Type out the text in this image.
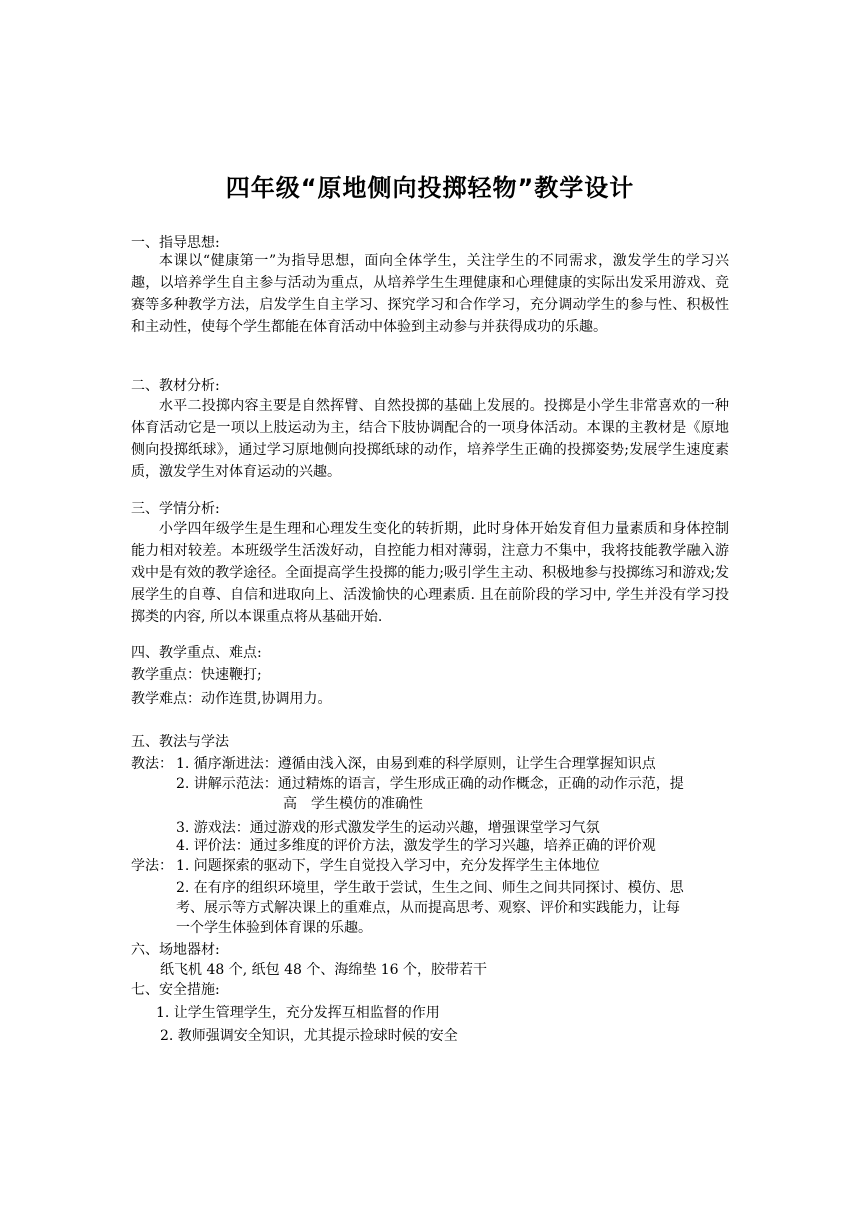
四年级“原地侧向投掷轻物”教学设计
一、指导思想:
本课以“健康第一”为指导思想，面向全体学生，关注学生的不同需求，激发学生的学习兴趣，以培养学生自主参与活动为重点，从培养学生生理健康和心理健康的实际出发采用游戏、竞赛等多种教学方法，启发学生自主学习、探究学习和合作学习，充分调动学生的参与性、积极性和主动性，使每个学生都能在体育活动中体验到主动参与并获得成功的乐趣。
二、教材分析:
水平二投掷内容主要是自然挥臂、自然投掷的基础上发展的。投掷是小学生非常喜欢的一种体育活动它是一项以上肢运动为主，结合下肢协调配合的一项身体活动。本课的主教材是《原地侧向投掷纸球》，通过学习原地侧向投掷纸球的动作，培养学生正确的投掷姿势;发展学生速度素质，激发学生对体育运动的兴趣。
三、学情分析:
小学四年级学生是生理和心理发生变化的转折期，此时身体开始发育但力量素质和身体控制能力相对较差。本班级学生活泼好动，自控能力相对薄弱，注意力不集中，我将技能教学融入游戏中是有效的教学途径。全面提高学生投掷的能力;吸引学生主动、积极地参与投掷练习和游戏;发展学生的自尊、自信和进取向上、活泼愉快的心理素质. 且在前阶段的学习中, 学生并没有学习投掷类的内容, 所以本课重点将从基础开始.
四、教学重点、难点:
教学重点：快速鞭打;
教学难点：动作连贯,协调用力。
五、教法与学法
教法： 1. 循序渐进法：遵循由浅入深，由易到难的科学原则，让学生合理掌握知识点
2. 讲解示范法：通过精炼的语言，学生形成正确的动作概念，正确的动作示范，提
高　学生模仿的准确性
3. 游戏法：通过游戏的形式激发学生的运动兴趣，增强课堂学习气氛
4. 评价法：通过多维度的评价方法，激发学生的学习兴趣，培养正确的评价观
学法： 1. 问题探索的驱动下，学生自觉投入学习中，充分发挥学生主体地位
2. 在有序的组织环境里，学生敢于尝试，生生之间、师生之间共同探讨、模仿、思
考、展示等方式解决课上的重难点，从而提高思考、观察、评价和实践能力，让每
一个学生体验到体育课的乐趣。
六、场地器材:
纸飞机 48 个, 纸包 48 个、海绵垫 16 个，胶带若干
七、安全措施:
1. 让学生管理学生，充分发挥互相监督的作用
2. 教师强调安全知识，尤其提示捡球时候的安全
